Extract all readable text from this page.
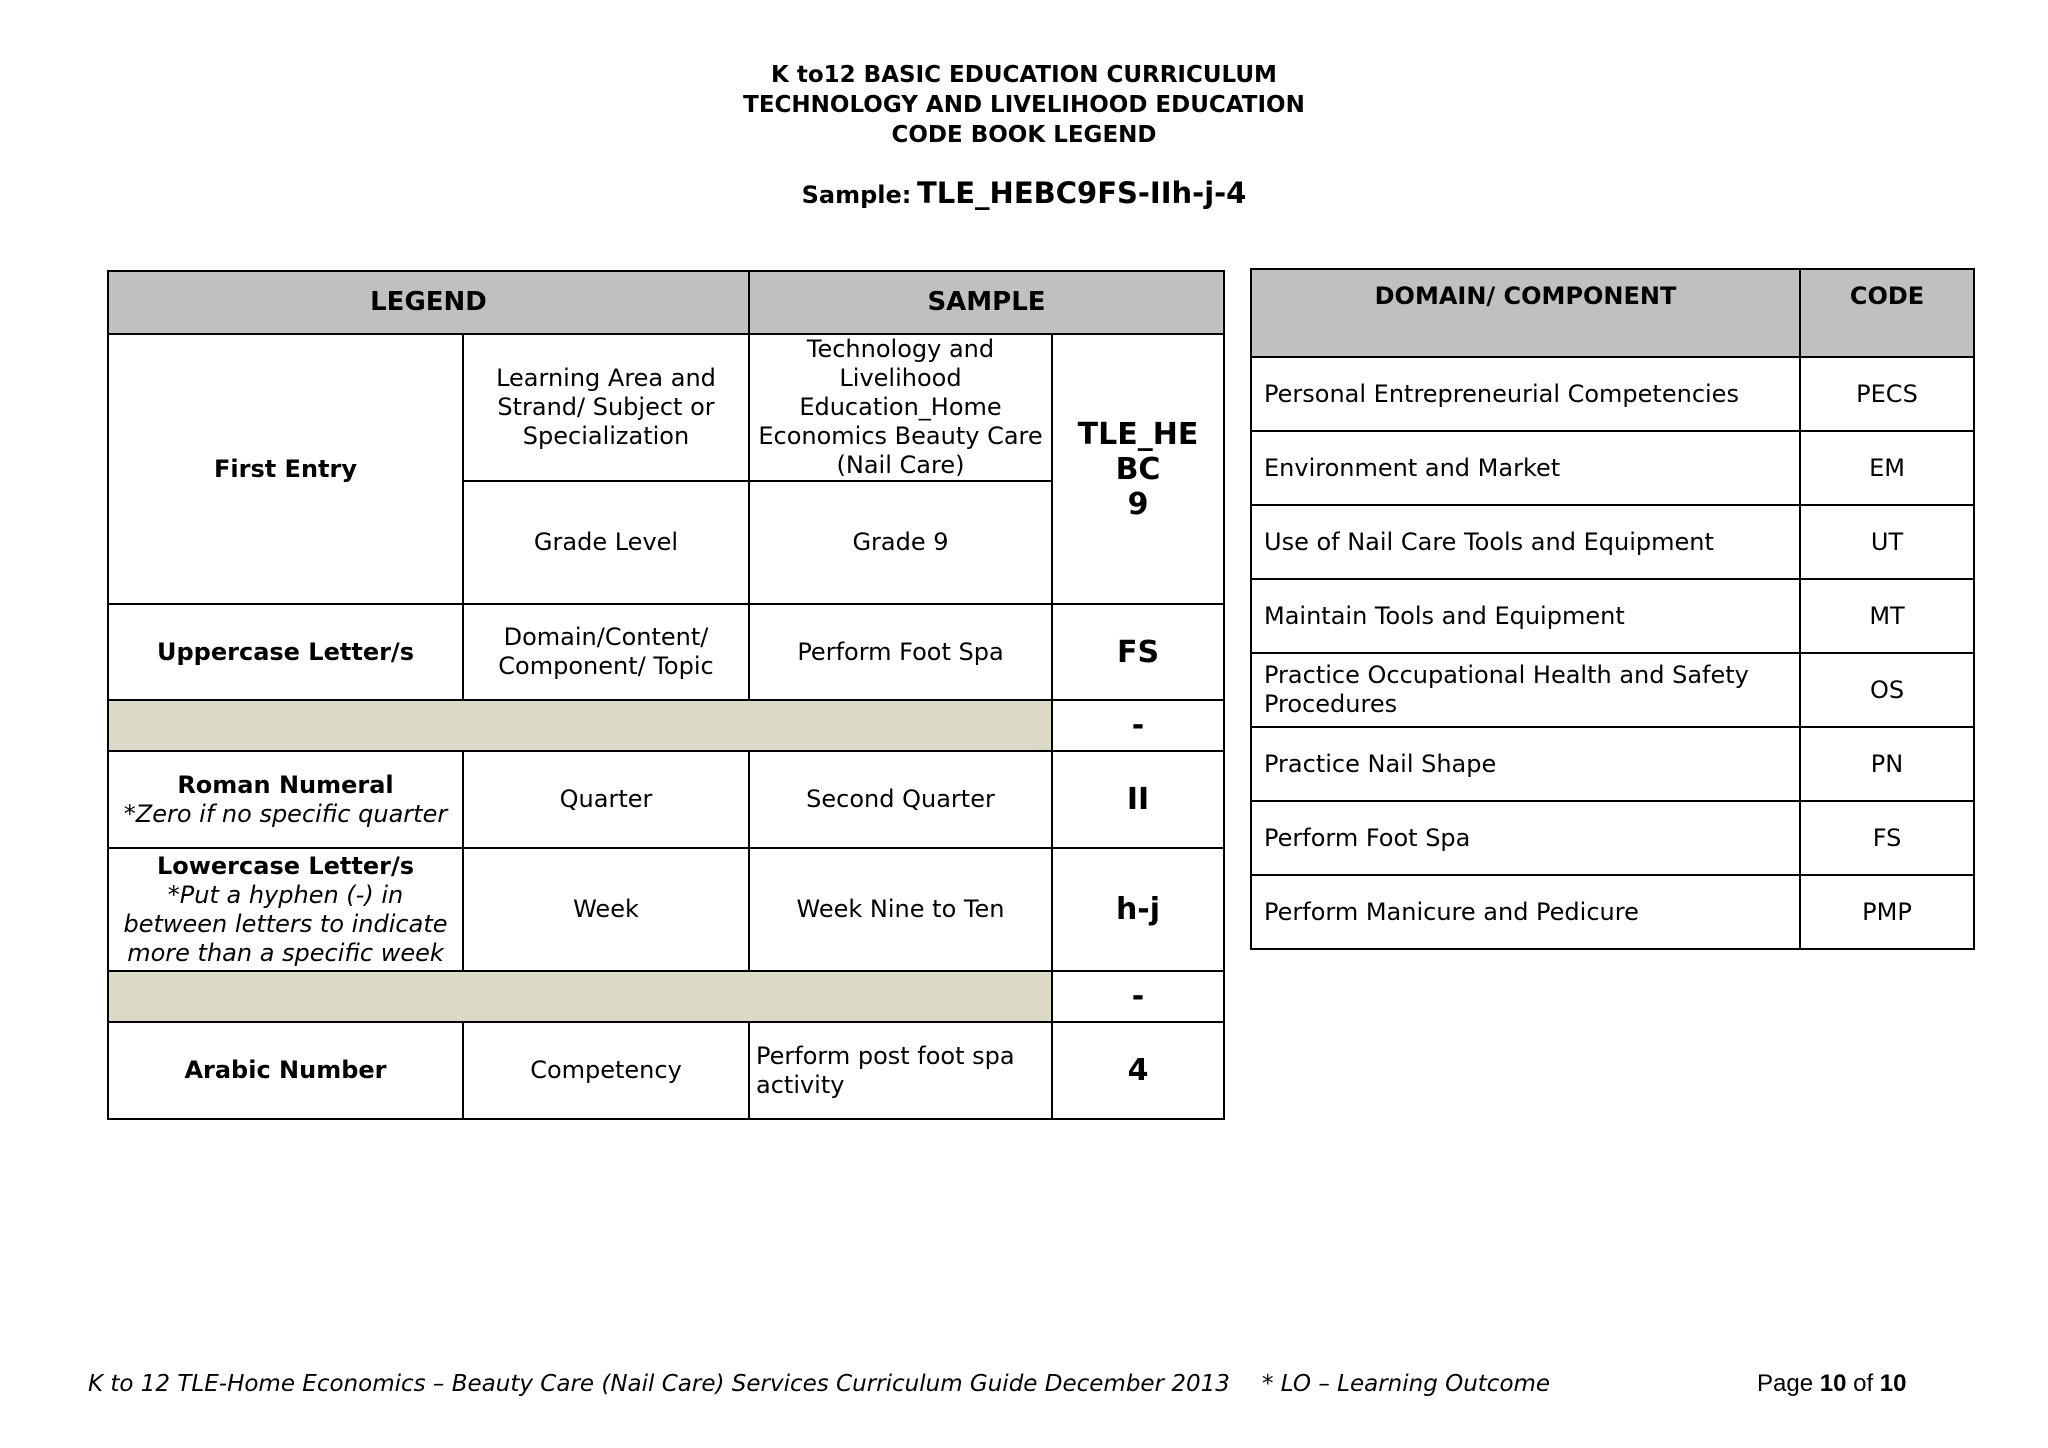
K to12 BASIC EDUCATION CURRICULUM
TECHNOLOGY AND LIVELIHOOD EDUCATION
CODE BOOK LEGEND
Sample: TLE_HEBC9FS-IIh-j-4
LEGEND		SAMPLE	
First Entry	Learning Area and Strand/ Subject or Specialization	Technology and Livelihood Education_Home Economics Beauty Care (Nail Care)	TLE_HE
BC
9

	Grade Level	Grade 9	
Uppercase Letter/s	Domain/Content/ Component/ Topic	Perform Foot Spa	FS
			-

Roman Numeral
*Zero if no specific quarter	Quarter	Second Quarter	II

Lowercase Letter/s
*Put a hyphen (-) in between letters to indicate more than a specific week	Week	Week Nine to Ten	h-j
			-
Arabic Number	Competency	Perform post foot spa activity	4
DOMAIN/ COMPONENT	CODE
Personal Entrepreneurial Competencies	PECS
Environment and Market	EM
Use of Nail Care Tools and Equipment	UT
Maintain Tools and Equipment	MT
Practice Occupational Health and Safety Procedures	OS
Practice Nail Shape	PN
Perform Foot Spa	FS
Perform Manicure and Pedicure	PMP
K to 12 TLE-Home Economics – Beauty Care (Nail Care) Services Curriculum Guide December 2013 * LO – Learning Outcome	Page 10 of 10
